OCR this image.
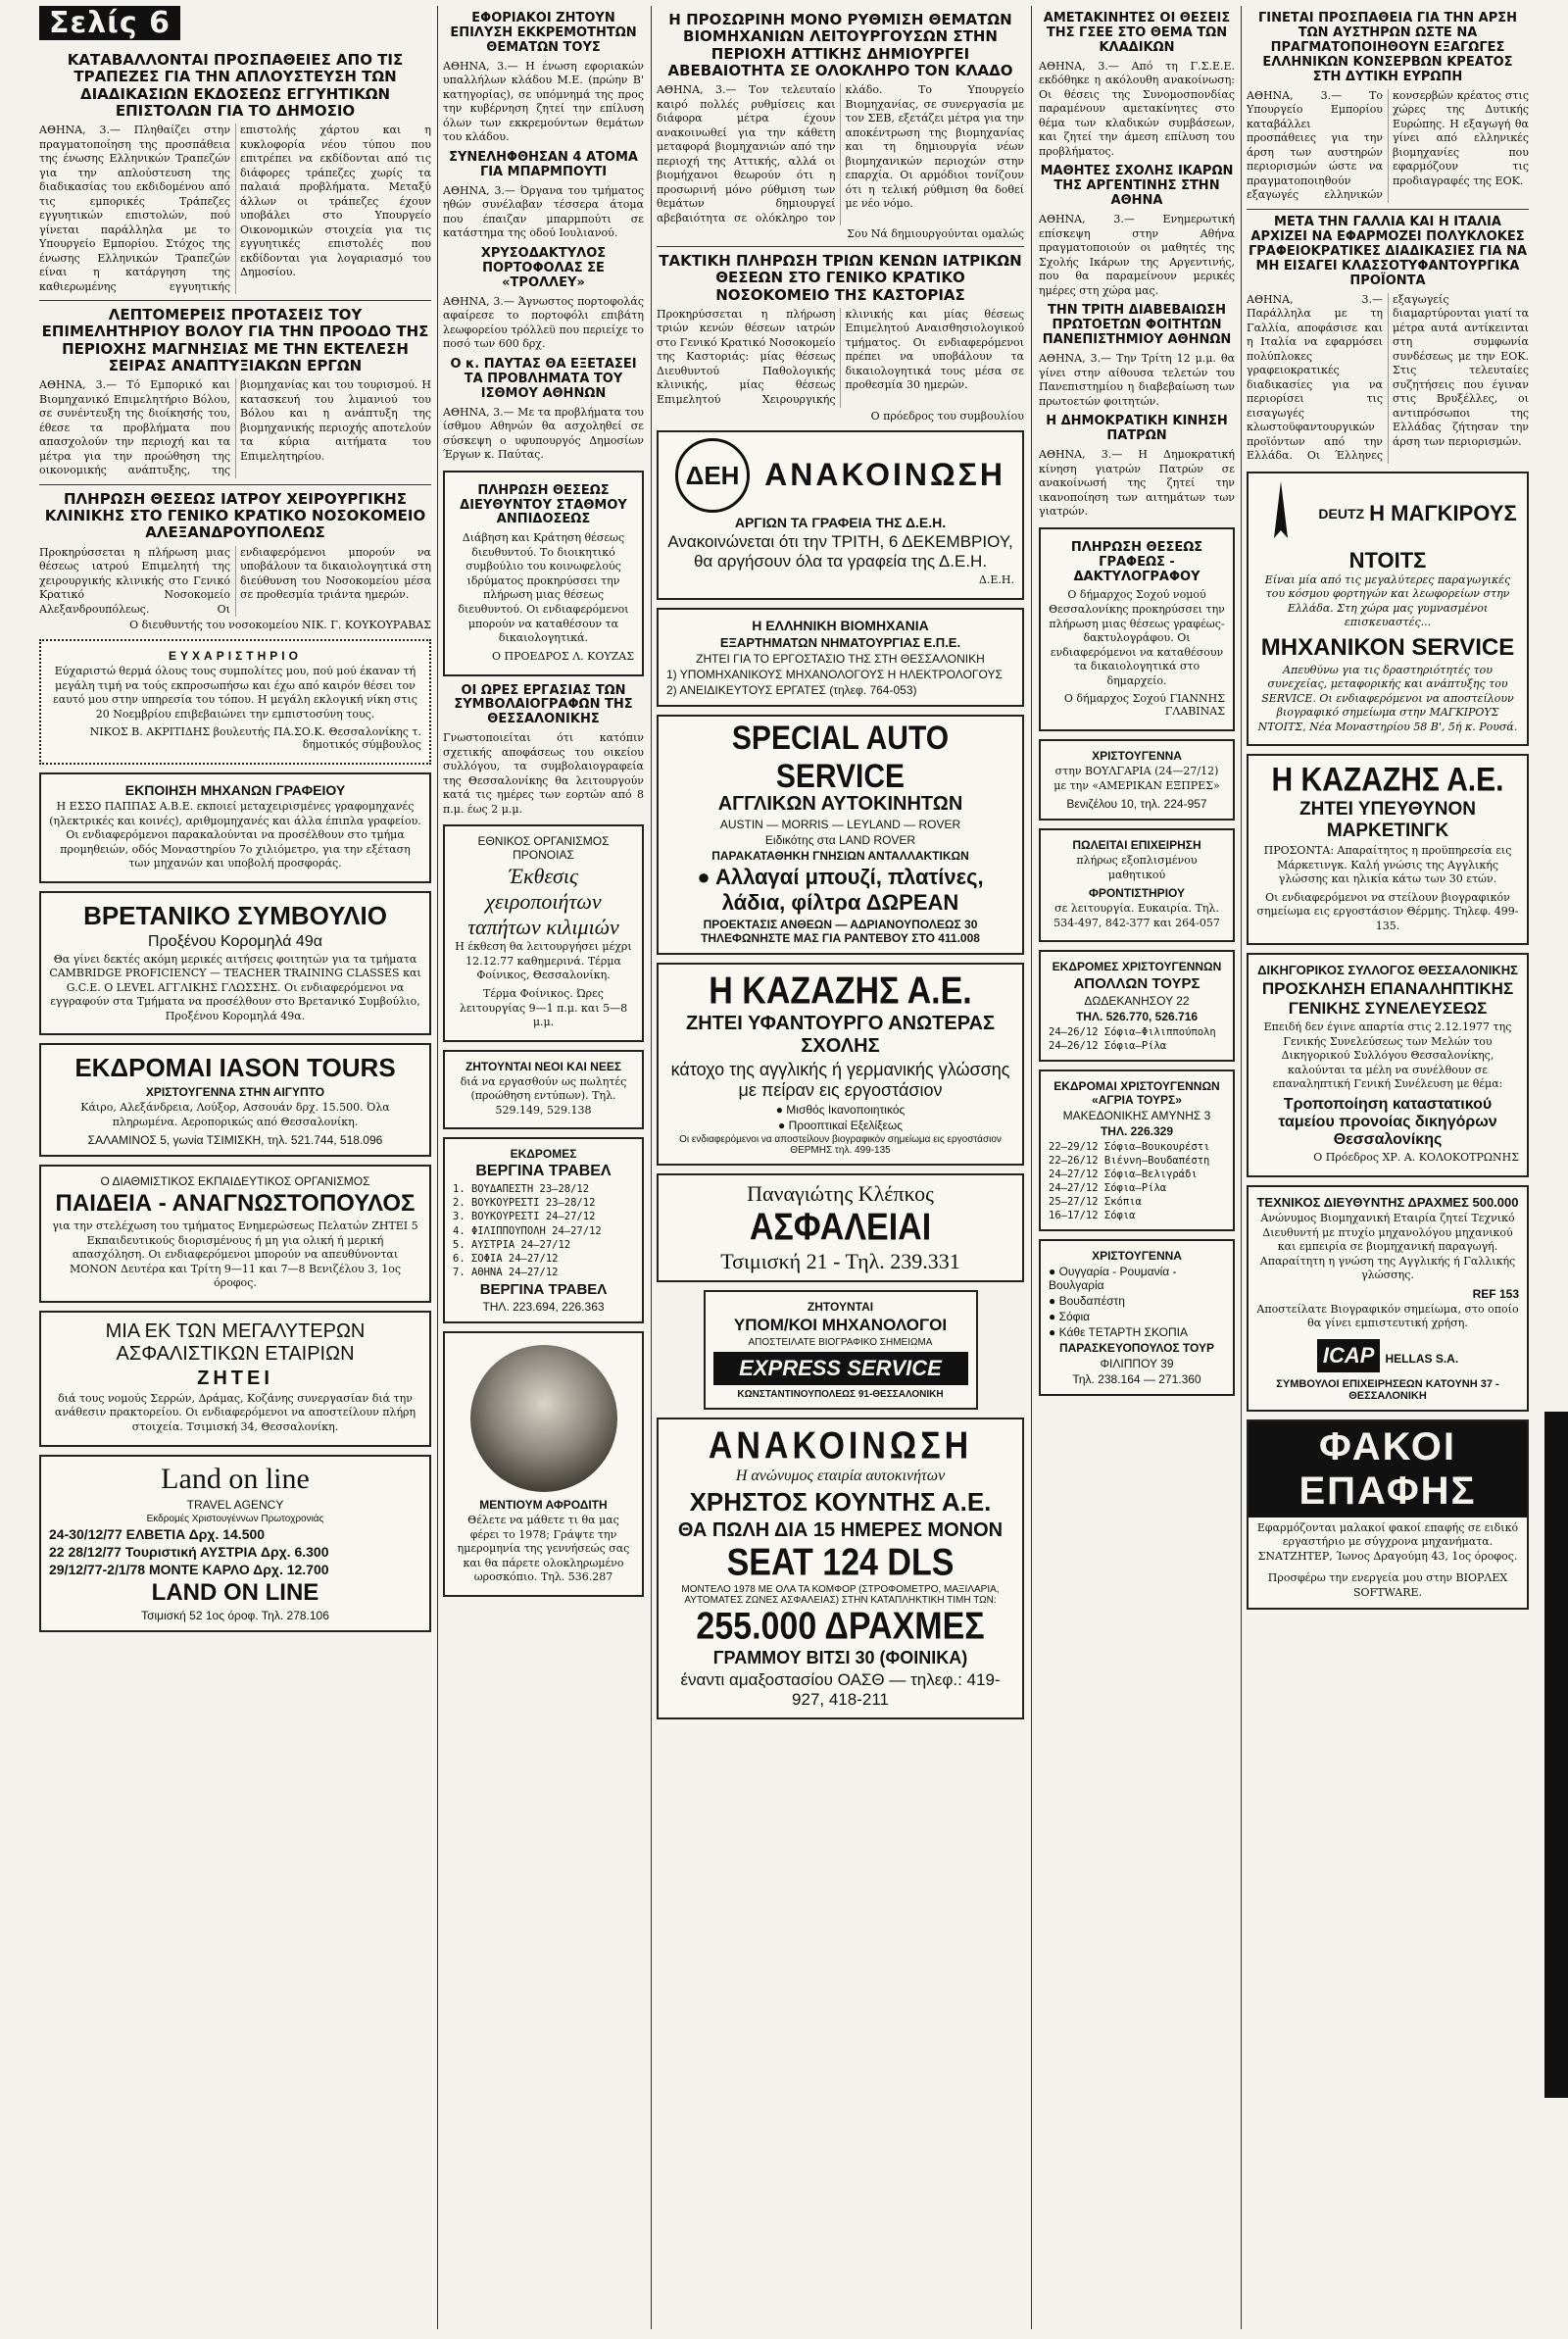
Σελίς 6
ΚΑΤΑΒΑΛΛΟΝΤΑΙ ΠΡΟΣΠΑΘΕΙΕΣ ΑΠΟ ΤΙΣ ΤΡΑΠΕΖΕΣ ΓΙΑ ΤΗΝ ΑΠΛΟΥΣΤΕΥΣΗ ΤΩΝ ΔΙΑΔΙΚΑΣΙΩΝ ΕΚΔΟΣΕΩΣ ΕΓΓΥΗΤΙΚΩΝ ΕΠΙΣΤΟΛΩΝ ΓΙΑ ΤΟ ΔΗΜΟΣΙΟ

ΑΘΗΝΑ, 3.— Πληθαίζει στην πραγματοποίηση της προσπάθεια της ένωσης Ελληνικών Τραπεζών για την απλούστευση της διαδικασίας του εκδιδομένου από τις εμπορικές Τράπεζες εγγυητικών επιστολών, πού γίνεται παράλληλα με το Υπουργείο Εμπορίου. Στόχος της ένωσης Ελληνικών Τραπεζών είναι η κατάργηση της καθιερωμένης εγγυητικής επιστολής χάρτου και η κυκλοφορία νέου τύπου που επιτρέπει να εκδίδονται από τις διάφορες τράπεζες χωρίς τα παλαιά προβλήματα. Μεταξύ άλλων οι τράπεζες έχουν υποβάλει στο Υπουργείο Οικονομικών στοιχεία για τις εγγυητικές επιστολές που εκδίδονται για λογαριασμό του Δημοσίου.

ΛΕΠΤΟΜΕΡΕΙΣ ΠΡΟΤΑΣΕΙΣ ΤΟΥ ΕΠΙΜΕΛΗΤΗΡΙΟΥ ΒΟΛΟΥ ΓΙΑ ΤΗΝ ΠΡΟΟΔΟ ΤΗΣ ΠΕΡΙΟΧΗΣ ΜΑΓΝΗΣΙΑΣ ΜΕ ΤΗΝ ΕΚΤΕΛΕΣΗ ΣΕΙΡΑΣ ΑΝΑΠΤΥΞΙΑΚΩΝ ΕΡΓΩΝ

ΑΘΗΝΑ, 3.— Τό Εμπορικό και Βιομηχανικό Επιμελητήριο Βόλου, σε συνέντευξη της διοίκησής του, έθεσε τα προβλήματα που απασχολούν την περιοχή και τα μέτρα για την προώθηση της οικονομικής ανάπτυξης, της βιομηχανίας και του τουρισμού. Η κατασκευή του λιμανιού του Βόλου και η ανάπτυξη της βιομηχανικής περιοχής αποτελούν τα κύρια αιτήματα του Επιμελητηρίου.

ΠΛΗΡΩΣΗ ΘΕΣΕΩΣ ΙΑΤΡΟΥ ΧΕΙΡΟΥΡΓΙΚΗΣ ΚΛΙΝΙΚΗΣ ΣΤΟ ΓΕΝΙΚΟ ΚΡΑΤΙΚΟ ΝΟΣΟΚΟΜΕΙΟ ΑΛΕΞΑΝΔΡΟΥΠΟΛΕΩΣ

Προκηρύσσεται η πλήρωση μιας θέσεως ιατρού Επιμελητή της χειρουργικής κλινικής στο Γενικό Κρατικό Νοσοκομείο Αλεξανδρουπόλεως. Οι ενδιαφερόμενοι μπορούν να υποβάλουν τα δικαιολογητικά στη διεύθυνση του Νοσοκομείου μέσα σε προθεσμία τριάντα ημερών.

Ο διευθυντής του νοσοκομείου ΝΙΚ. Γ. ΚΟΥΚΟΥΡΑΒΑΣ
ΕΥΧΑΡΙΣΤΗΡΙΟ

Εύχαριστώ θερμά όλους τους συμπολίτες μου, πού μού έκαναν τή μεγάλη τιμή να τούς εκπροσωπήσω και έχω από καιρόν θέσει τον εαυτό μου στην υπηρεσία του τόπου. Η μεγάλη εκλογική νίκη στις 20 Νοεμβρίου επιβεβαιώνει την εμπιστοσύνη τους.

ΝΙΚΟΣ Β. ΑΚΡΙΤΙΔΗΣ βουλευτής ΠΑ.ΣΟ.Κ. Θεσσαλονίκης τ. δημοτικός σύμβουλος
ΕΚΠΟΙΗΣΗ ΜΗΧΑΝΩΝ ΓΡΑΦΕΙΟΥ

Η ΕΣΣΟ ΠΑΠΠΑΣ Α.Β.Ε. εκποιεί μεταχειρισμένες γραφομηχανές (ηλεκτρικές και κοινές), αριθμομηχανές και άλλα έπιπλα γραφείου. Οι ενδιαφερόμενοι παρακαλούνται να προσέλθουν στο τμήμα προμηθειών, οδός Μοναστηρίου 7ο χιλιόμετρο, για την εξέταση των μηχανών και υποβολή προσφοράς.

ΒΡΕΤΑΝΙΚΟ ΣΥΜΒΟΥΛΙΟ
Προξένου Κορομηλά 49α

Θα γίνει δεκτές ακόμη μερικές αιτήσεις φοιτητών για τα τμήματα CAMBRIDGE PROFICIENCY — TEACHER TRAINING CLASSES και G.C.E. O LEVEL ΑΓΓΛΙΚΗΣ ΓΛΩΣΣΗΣ. Οι ενδιαφερόμενοι να εγγραφούν στα Τμήματα να προσέλθουν στο Βρετανικό Συμβούλιο, Προξένου Κορομηλά 49α.

ΕΚΔΡΟΜΑΙ IASON TOURS
ΧΡΙΣΤΟΥΓΕΝΝΑ ΣΤΗΝ ΑΙΓΥΠΤΟ

Κάιρο, Αλεξάνδρεια, Λούξορ, Ασσουάν δρχ. 15.500. Όλα πληρωμένα. Αεροπορικώς από Θεσσαλονίκη.

ΣΑΛΑΜΙΝΟΣ 5, γωνία ΤΣΙΜΙΣΚΗ, τηλ. 521.744, 518.096
Ο ΔΙΑΘΜΙΣΤΙΚΟΣ ΕΚΠΑΙΔΕΥΤΙΚΟΣ ΟΡΓΑΝΙΣΜΟΣ
ΠΑΙΔΕΙΑ - ΑΝΑΓΝΩΣΤΟΠΟΥΛΟΣ

για την στελέχωση του τμήματος Ενημερώσεως Πελατών ΖΗΤΕΙ 5 Εκπαιδευτικούς διορισμένους ή μη για ολική ή μερική απασχόληση. Οι ενδιαφερόμενοι μπορούν να απευθύνονται ΜΟΝΟΝ Δευτέρα και Τρίτη 9—11 και 7—8 Βενιζέλου 3, 1ος όροφος.

ΜΙΑ ΕΚ ΤΩΝ ΜΕΓΑΛΥΤΕΡΩΝ ΑΣΦΑΛΙΣΤΙΚΩΝ ΕΤΑΙΡΙΩΝ
ΖΗΤΕΙ

διά τους νομούς Σερρών, Δράμας, Κοζάνης συνεργασίαν διά την ανάθεσιν πρακτορείου. Οι ενδιαφερόμενοι να αποστείλουν πλήρη στοιχεία. Τσιμισκή 34, Θεσσαλονίκη.

Land on line
TRAVEL AGENCY
Εκδρομές Χριστουγέννων Πρωτοχρονιάς
24-30/12/77 ΕΛΒΕΤΙΑ Δρχ. 14.500
22 28/12/77 Τουριστική ΑΥΣΤΡΙΑ Δρχ. 6.300
29/12/77-2/1/78 ΜΟΝΤΕ ΚΑΡΛΟ Δρχ. 12.700
LAND ON LINE
Τσιμισκή 52 1ος όροφ. Τηλ. 278.106
ΕΦΟΡΙΑΚΟΙ ΖΗΤΟΥΝ ΕΠΙΛΥΣΗ ΕΚΚΡΕΜΟΤΗΤΩΝ ΘΕΜΑΤΩΝ ΤΟΥΣ

ΑΘΗΝΑ, 3.— Η ένωση εφοριακών υπαλλήλων κλάδου Μ.Ε. (πρώην Β' κατηγορίας), σε υπόμνημά της προς την κυβέρνηση ζητεί την επίλυση όλων των εκκρεμούντων θεμάτων του κλάδου.

ΣΥΝΕΛΗΦΘΗΣΑΝ 4 ΑΤΟΜΑ ΓΙΑ ΜΠΑΡΜΠΟΥΤΙ

ΑΘΗΝΑ, 3.— Όργανα του τμήματος ηθών συνέλαβαν τέσσερα άτομα που έπαιζαν μπαρμπούτι σε κατάστημα της οδού Ιουλιανού.

ΧΡΥΣΟΔΑΚΤΥΛΟΣ ΠΟΡΤΟΦΟΛΑΣ ΣΕ «ΤΡΟΛΛΕΥ»

ΑΘΗΝΑ, 3.— Άγνωστος πορτοφολάς αφαίρεσε το πορτοφόλι επιβάτη λεωφορείου τρόλλεϋ που περιείχε το ποσό των 600 δρχ.

Ο κ. ΠΑΥΤΑΣ ΘΑ ΕΞΕΤΑΣΕΙ ΤΑ ΠΡΟΒΛΗΜΑΤΑ ΤΟΥ ΙΣΘΜΟΥ ΑΘΗΝΩΝ

ΑΘΗΝΑ, 3.— Με τα προβλήματα του ίσθμου Αθηνών θα ασχοληθεί σε σύσκεψη ο υφυπουργός Δημοσίων Έργων κ. Παύτας.

ΠΛΗΡΩΣΗ ΘΕΣΕΩΣ ΔΙΕΥΘΥΝΤΟΥ ΣΤΑΘΜΟΥ ΑΝΠΙΔΟΣΕΩΣ

Διάβηση και Κράτηση θέσεως διευθυντού. Το διοικητικό συμβούλιο του κοινωφελούς ιδρύματος προκηρύσσει την πλήρωση μιας θέσεως διευθυντού. Οι ενδιαφερόμενοι μπορούν να καταθέσουν τα δικαιολογητικά.

Ο ΠΡΟΕΔΡΟΣ Λ. ΚΟΥΖΑΣ
ΟΙ ΩΡΕΣ ΕΡΓΑΣΙΑΣ ΤΩΝ ΣΥΜΒΟΛΑΙΟΓΡΑΦΩΝ ΤΗΣ ΘΕΣΣΑΛΟΝΙΚΗΣ

Γνωστοποιείται ότι κατόπιν σχετικής αποφάσεως του οικείου συλλόγου, τα συμβολαιογραφεία της Θεσσαλονίκης θα λειτουργούν κατά τις ημέρες των εορτών από 8 π.μ. έως 2 μ.μ.

ΕΘΝΙΚΟΣ ΟΡΓΑΝΙΣΜΟΣ ΠΡΟΝΟΙΑΣ
Έκθεσις χειροποιήτων ταπήτων κιλιμιών

Η έκθεση θα λειτουργήσει μέχρι 12.12.77 καθημερινά. Τέρμα Φοίνικος, Θεσσαλονίκη.

Τέρμα Φοίνικος. Ώρες λειτουργίας 9—1 π.μ. και 5—8 μ.μ.

ΖΗΤΟΥΝΤΑΙ ΝΕΟΙ ΚΑΙ ΝΕΕΣ

διά να εργασθούν ως πωλητές (προώθηση εντύπων). Τηλ. 529.149, 529.138

ΕΚΔΡΟΜΕΣ
ΒΕΡΓΙΝΑ ΤΡΑΒΕΛ
1. ΒΟΥΔΑΠΕΣΤΗ 23—28/12
2. ΒΟΥΚΟΥΡΕΣΤΙ 23—28/12
3. ΒΟΥΚΟΥΡΕΣΤΙ 24—27/12
4. ΦΙΛΙΠΠΟΥΠΟΛΗ 24—27/12
5. ΑΥΣΤΡΙΑ 24—27/12
6. ΣΟΦΙΑ 24—27/12
7. ΑΘΗΝΑ 24—27/12
ΒΕΡΓΙΝΑ ΤΡΑΒΕΛ
ΤΗΛ. 223.694, 226.363
ΜΕΝΤΙΟΥΜ ΑΦΡΟΔΙΤΗ

Θέλετε να μάθετε τι θα μας φέρει το 1978; Γράψτε την ημερομηνία της γεννήσεώς σας και θα πάρετε ολοκληρωμένο ωροσκόπιο. Τηλ. 536.287

Η ΠΡΟΣΩΡΙΝΗ ΜΟΝΟ ΡΥΘΜΙΣΗ ΘΕΜΑΤΩΝ ΒΙΟΜΗΧΑΝΙΩΝ ΛΕΙΤΟΥΡΓΟΥΣΩΝ ΣΤΗΝ ΠΕΡΙΟΧΗ ΑΤΤΙΚΗΣ ΔΗΜΙΟΥΡΓΕΙ ΑΒΕΒΑΙΟΤΗΤΑ ΣΕ ΟΛΟΚΛΗΡΟ ΤΟΝ ΚΛΑΔΟ

ΑΘΗΝΑ, 3.— Τον τελευταίο καιρό πολλές ρυθμίσεις και διάφορα μέτρα έχουν ανακοινωθεί για την κάθετη μεταφορά βιομηχανιών από την περιοχή της Αττικής, αλλά οι βιομήχανοι θεωρούν ότι η προσωρινή μόνο ρύθμιση των θεμάτων δημιουργεί αβεβαιότητα σε ολόκληρο τον κλάδο. Το Υπουργείο Βιομηχανίας, σε συνεργασία με τον ΣΕΒ, εξετάζει μέτρα για την αποκέντρωση της βιομηχανίας και τη δημιουργία νέων βιομηχανικών περιοχών στην επαρχία. Οι αρμόδιοι τονίζουν ότι η τελική ρύθμιση θα δοθεί με νέο νόμο.

Σου Νά δημιουργούνται ομαλώς
ΤΑΚΤΙΚΗ ΠΛΗΡΩΣΗ ΤΡΙΩΝ ΚΕΝΩΝ ΙΑΤΡΙΚΩΝ ΘΕΣΕΩΝ ΣΤΟ ΓΕΝΙΚΟ ΚΡΑΤΙΚΟ ΝΟΣΟΚΟΜΕΙΟ ΤΗΣ ΚΑΣΤΟΡΙΑΣ

Προκηρύσσεται η πλήρωση τριών κενών θέσεων ιατρών στο Γενικό Κρατικό Νοσοκομείο της Καστοριάς: μίας θέσεως Διευθυντού Παθολογικής κλινικής, μίας θέσεως Επιμελητού Χειρουργικής κλινικής και μίας θέσεως Επιμελητού Αναισθησιολογικού τμήματος. Οι ενδιαφερόμενοι πρέπει να υποβάλουν τα δικαιολογητικά τους μέσα σε προθεσμία 30 ημερών.

Ο πρόεδρος του συμβουλίου
ΔΕΗ ΑΝΑΚΟΙΝΩΣΗ
ΑΡΓΙΩΝ ΤΑ ΓΡΑΦΕΙΑ ΤΗΣ Δ.Ε.Η.
Ανακοινώνεται ότι την ΤΡΙΤΗ, 6 ΔΕΚΕΜΒΡΙΟΥ, θα αργήσουν όλα τα γραφεία της Δ.Ε.Η.
Δ.Ε.Η.
Η ΕΛΛΗΝΙΚΗ ΒΙΟΜΗΧΑΝΙΑ
ΕΞΑΡΤΗΜΑΤΩΝ ΝΗΜΑΤΟΥΡΓΙΑΣ Ε.Π.Ε.
ΖΗΤΕΙ ΓΙΑ ΤΟ ΕΡΓΟΣΤΑΣΙΟ ΤΗΣ ΣΤΗ ΘΕΣΣΑΛΟΝΙΚΗ
1) ΥΠΟΜΗΧΑΝΙΚΟΥΣ ΜΗΧΑΝΟΛΟΓΟΥΣ Η ΗΛΕΚΤΡΟΛΟΓΟΥΣ
2) ΑΝΕΙΔΙΚΕΥΤΟΥΣ ΕΡΓΑΤΕΣ (τηλεφ. 764-053)
SPECIAL AUTO SERVICE
ΑΓΓΛΙΚΩΝ ΑΥΤΟΚΙΝΗΤΩΝ
AUSTIN — MORRIS — LEYLAND — ROVER
Ειδικότης στα LAND ROVER
ΠΑΡΑΚΑΤΑΘΗΚΗ ΓΝΗΣΙΩΝ ΑΝΤΑΛΛΑΚΤΙΚΩΝ
● Αλλαγαί μπουζί, πλατίνες, λάδια, φίλτρα ΔΩΡΕΑΝ
ΠΡΟΕΚΤΑΣΙΣ ΑΝΘΕΩΝ — ΑΔΡΙΑΝΟΥΠΟΛΕΩΣ 30 ΤΗΛΕΦΩΝΗΣΤΕ ΜΑΣ ΓΙΑ ΡΑΝΤΕΒΟΥ ΣΤΟ 411.008
Η ΚΑΖΑΖΗΣ Α.Ε.
ΖΗΤΕΙ ΥΦΑΝΤΟΥΡΓΟ ΑΝΩΤΕΡΑΣ ΣΧΟΛΗΣ
κάτοχο της αγγλικής ή γερμανικής γλώσσης με πείραν εις εργοστάσιον
● Μισθός Ικανοποιητικός
● Προοπτικαί Εξελίξεως
Οι ενδιαφερόμενοι να αποστείλουν βιογραφικόν σημείωμα εις εργοστάσιον ΘΕΡΜΗΣ τηλ. 499-135
Παναγιώτης Κλέπκος
ΑΣΦΑΛΕΙΑΙ
Τσιμισκή 21 - Τηλ. 239.331
ΖΗΤΟΥΝΤΑΙ
ΥΠΟΜ/ΚΟΙ ΜΗΧΑΝΟΛΟΓΟΙ
ΑΠΟΣΤΕΙΛΑΤΕ ΒΙΟΓΡΑΦΙΚΟ ΣΗΜΕΙΩΜΑ
EXPRESS SERVICE
ΚΩΝΣΤΑΝΤΙΝΟΥΠΟΛΕΩΣ 91-ΘΕΣΣΑΛΟΝΙΚΗ
ΑΝΑΚΟΙΝΩΣΗ
Η ανώνυμος εταιρία αυτοκινήτων
ΧΡΗΣΤΟΣ ΚΟΥΝΤΗΣ Α.Ε.
ΘΑ ΠΩΛΗ ΔΙΑ 15 ΗΜΕΡΕΣ ΜΟΝΟΝ
SEAT 124 DLS
ΜΟΝΤΕΛΟ 1978 ΜΕ ΟΛΑ ΤΑ ΚΟΜΦΟΡ (ΣΤΡΟΦΟΜΕΤΡΟ, ΜΑΞΙΛΑΡΙΑ, ΑΥΤΟΜΑΤΕΣ ΖΩΝΕΣ ΑΣΦΑΛΕΙΑΣ) ΣΤΗΝ ΚΑΤΑΠΛΗΚΤΙΚΗ ΤΙΜΗ ΤΩΝ:
255.000 ΔΡΑΧΜΕΣ
ΓΡΑΜΜΟΥ ΒΙΤΣΙ 30 (ΦΟΙΝΙΚΑ)
έναντι αμαξοστασίου ΟΑΣΘ — τηλεφ.: 419-927, 418-211
ΑΜΕΤΑΚΙΝΗΤΕΣ ΟΙ ΘΕΣΕΙΣ ΤΗΣ ΓΣΕΕ ΣΤΟ ΘΕΜΑ ΤΩΝ ΚΛΑΔΙΚΩΝ

ΑΘΗΝΑ, 3.— Από τη Γ.Σ.Ε.Ε. εκδόθηκε η ακόλουθη ανακοίνωση: Οι θέσεις της Συνομοσπονδίας παραμένουν αμετακίνητες στο θέμα των κλαδικών συμβάσεων, και ζητεί την άμεση επίλυση του προβλήματος.

ΜΑΘΗΤΕΣ ΣΧΟΛΗΣ ΙΚΑΡΩΝ ΤΗΣ ΑΡΓΕΝΤΙΝΗΣ ΣΤΗΝ ΑΘΗΝΑ

ΑΘΗΝΑ, 3.— Ενημερωτική επίσκεψη στην Αθήνα πραγματοποιούν οι μαθητές της Σχολής Ικάρων της Αργεντινής, που θα παραμείνουν μερικές ημέρες στη χώρα μας.

ΤΗΝ ΤΡΙΤΗ ΔΙΑΒΕΒΑΙΩΣΗ ΠΡΩΤΟΕΤΩΝ ΦΟΙΤΗΤΩΝ ΠΑΝΕΠΙΣΤΗΜΙΟΥ ΑΘΗΝΩΝ

ΑΘΗΝΑ, 3.— Την Τρίτη 12 μ.μ. θα γίνει στην αίθουσα τελετών του Πανεπιστημίου η διαβεβαίωση των πρωτοετών φοιτητών.

Η ΔΗΜΟΚΡΑΤΙΚΗ ΚΙΝΗΣΗ ΠΑΤΡΩΝ

ΑΘΗΝΑ, 3.— Η Δημοκρατική κίνηση γιατρών Πατρών σε ανακοίνωσή της ζητεί την ικανοποίηση των αιτημάτων των γιατρών.

ΠΛΗΡΩΣΗ ΘΕΣΕΩΣ ΓΡΑΦΕΩΣ - ΔΑΚΤΥΛΟΓΡΑΦΟΥ

Ο δήμαρχος Σοχού νομού Θεσσαλονίκης προκηρύσσει την πλήρωση μιας θέσεως γραφέως-δακτυλογράφου. Οι ενδιαφερόμενοι να καταθέσουν τα δικαιολογητικά στο δημαρχείο.

Ο δήμαρχος Σοχού ΓΙΑΝΝΗΣ ΓΛΑΒΙΝΑΣ
ΧΡΙΣΤΟΥΓΕΝΝΑ

στην ΒΟΥΛΓΑΡΙΑ (24—27/12) με την «ΑΜΕΡΙΚΑΝ ΕΞΠΡΕΣ»

Βενιζέλου 10, τηλ. 224-957
ΠΩΛΕΙΤΑΙ ΕΠΙΧΕΙΡΗΣΗ

πλήρως εξοπλισμένου μαθητικού

ΦΡΟΝΤΙΣΤΗΡΙΟΥ

σε λειτουργία. Ευκαιρία. Τηλ. 534-497, 842-377 και 264-057

ΕΚΔΡΟΜΕΣ ΧΡΙΣΤΟΥΓΕΝΝΩΝ
ΑΠΟΛΛΩΝ ΤΟΥΡΣ
ΔΩΔΕΚΑΝΗΣΟΥ 22
ΤΗΛ. 526.770, 526.716
24—26/12 Σόφια—Φιλιππούπολη
24—26/12 Σόφια—Ρίλα
ΕΚΔΡΟΜΑΙ ΧΡΙΣΤΟΥΓΕΝΝΩΝ «ΑΓΡΙΑ ΤΟΥΡΣ»
ΜΑΚΕΔΟΝΙΚΗΣ ΑΜΥΝΗΣ 3
ΤΗΛ. 226.329
22—29/12 Σόφια—Βουκουρέστι
22—26/12 Βιέννη—Βουδαπέστη
24—27/12 Σόφια—Βελιγράδι
24—27/12 Σόφια—Ρίλα
25—27/12 Σκόπια
16—17/12 Σόφια
ΧΡΙΣΤΟΥΓΕΝΝΑ
● Ουγγαρία - Ρουμανία - Βουλγαρία
● Βουδαπέστη
● Σόφια
● Κάθε ΤΕΤΑΡΤΗ ΣΚΟΠΙΑ
ΠΑΡΑΣΚΕΥΟΠΟΥΛΟΣ ΤΟΥΡ
ΦΙΛΙΠΠΟΥ 39
Τηλ. 238.164 — 271.360
ΓΙΝΕΤΑΙ ΠΡΟΣΠΑΘΕΙΑ ΓΙΑ ΤΗΝ ΑΡΣΗ ΤΩΝ ΑΥΣΤΗΡΩΝ ΩΣΤΕ ΝΑ ΠΡΑΓΜΑΤΟΠΟΙΗΘΟΥΝ ΕΞΑΓΩΓΕΣ ΕΛΛΗΝΙΚΩΝ ΚΟΝΣΕΡΒΩΝ ΚΡΕΑΤΟΣ ΣΤΗ ΔΥΤΙΚΗ ΕΥΡΩΠΗ

ΑΘΗΝΑ, 3.— Το Υπουργείο Εμπορίου καταβάλλει προσπάθειες για την άρση των αυστηρών περιορισμών ώστε να πραγματοποιηθούν εξαγωγές ελληνικών κονσερβών κρέατος στις χώρες της Δυτικής Ευρώπης. Η εξαγωγή θα γίνει από ελληνικές βιομηχανίες που εφαρμόζουν τις προδιαγραφές της ΕΟΚ.

ΜΕΤΑ ΤΗΝ ΓΑΛΛΙΑ ΚΑΙ Η ΙΤΑΛΙΑ ΑΡΧΙΖΕΙ ΝΑ ΕΦΑΡΜΟΖΕΙ ΠΟΛΥΚΛΟΚΕΣ ΓΡΑΦΕΙΟΚΡΑΤΙΚΕΣ ΔΙΑΔΙΚΑΣΙΕΣ ΓΙΑ ΝΑ ΜΗ ΕΙΣΑΓΕΙ ΚΛΑΣΣΟΤΥΦΑΝΤΟΥΡΓΙΚΑ ΠΡΟΪΟΝΤΑ

ΑΘΗΝΑ, 3.— Παράλληλα με τη Γαλλία, αποφάσισε και η Ιταλία να εφαρμόσει πολύπλοκες γραφειοκρατικές διαδικασίες για να περιορίσει τις εισαγωγές κλωστοϋφαντουργικών προϊόντων από την Ελλάδα. Οι Έλληνες εξαγωγείς διαμαρτύρονται γιατί τα μέτρα αυτά αντίκεινται στη συμφωνία συνδέσεως με την ΕΟΚ. Στις τελευταίες συζητήσεις που έγιναν στις Βρυξέλλες, οι αντιπρόσωποι της Ελλάδας ζήτησαν την άρση των περιορισμών.

DEUTZ Η ΜΑΓΚΙΡΟΥΣ ΝΤΟΙΤΣ

Είναι μία από τις μεγαλύτερες παραγωγικές του κόσμου φορτηγών και λεωφορείων στην Ελλάδα. Στη χώρα μας γυμνασμένοι επισκευαστές...

ΜΗΧΑΝΙΚΟΝ SERVICE

Απευθύνω για τις δραστηριότητές του συνεχείας, μεταφορικής και ανάπτυξης του SERVICE. Οι ενδιαφερόμενοι να αποστείλουν βιογραφικό σημείωμα στην ΜΑΓΚΙΡΟΥΣ ΝΤΟΙΤΣ, Νέα Μοναστηρίου 58 Β', 5ή κ. Ρουσά.

Η ΚΑΖΑΖΗΣ Α.Ε.
ΖΗΤΕΙ ΥΠΕΥΘΥΝΟΝ ΜΑΡΚΕΤΙΝΓΚ

ΠΡΟΣΟΝΤΑ: Απαραίτητος η προϋπηρεσία εις Μάρκετινγκ. Καλή γνώσις της Αγγλικής γλώσσης και ηλικία κάτω των 30 ετών.

Οι ενδιαφερόμενοι να στείλουν βιογραφικόν σημείωμα εις εργοστάσιον Θέρμης. Τηλεφ. 499-135.

ΔΙΚΗΓΟΡΙΚΟΣ ΣΥΛΛΟΓΟΣ ΘΕΣΣΑΛΟΝΙΚΗΣ
ΠΡΟΣΚΛΗΣΗ ΕΠΑΝΑΛΗΠΤΙΚΗΣ ΓΕΝΙΚΗΣ ΣΥΝΕΛΕΥΣΕΩΣ

Επειδή δεν έγινε απαρτία στις 2.12.1977 της Γενικής Συνελεύσεως των Μελών του Δικηγορικού Συλλόγου Θεσσαλονίκης, καλούνται τα μέλη να συνέλθουν σε επαναληπτική Γενική Συνέλευση με θέμα:

Τροποποίηση καταστατικού ταμείου προνοίας δικηγόρων Θεσσαλονίκης
Ο Πρόεδρος ΧΡ. Α. ΚΟΛΟΚΟΤΡΩΝΗΣ
ΤΕΧΝΙΚΟΣ ΔΙΕΥΘΥΝΤΗΣ ΔΡΑΧΜΕΣ 500.000

Ανώνυμος Βιομηχανική Εταιρία ζητεί Τεχνικό Διευθυντή με πτυχίο μηχανολόγου μηχανικού και εμπειρία σε βιομηχανική παραγωγή. Απαραίτητη η γνώση της Αγγλικής ή Γαλλικής γλώσσης.

REF 153

Αποστείλατε Βιογραφικόν σημείωμα, στο οποίο θα γίνει εμπιστευτική χρήση.

ICAP HELLAS S.A.
ΣΥΜΒΟΥΛΟΙ ΕΠΙΧΕΙΡΗΣΕΩΝ ΚΑΤΟΥΝΗ 37 - ΘΕΣΣΑΛΟΝΙΚΗ
ΦΑΚΟΙ ΕΠΑΦΗΣ

Εφαρμόζονται μαλακοί φακοί επαφής σε ειδικό εργαστήριο με σύγχρονα μηχανήματα. ΣΝΑΤΖΗΤΕΡ, Ίωνος Δραγούμη 43, 1ος όροφος.

Προσφέρω την ενεργεία μου στην ΒΙΟΡΛΕΧ SOFTWARE.
